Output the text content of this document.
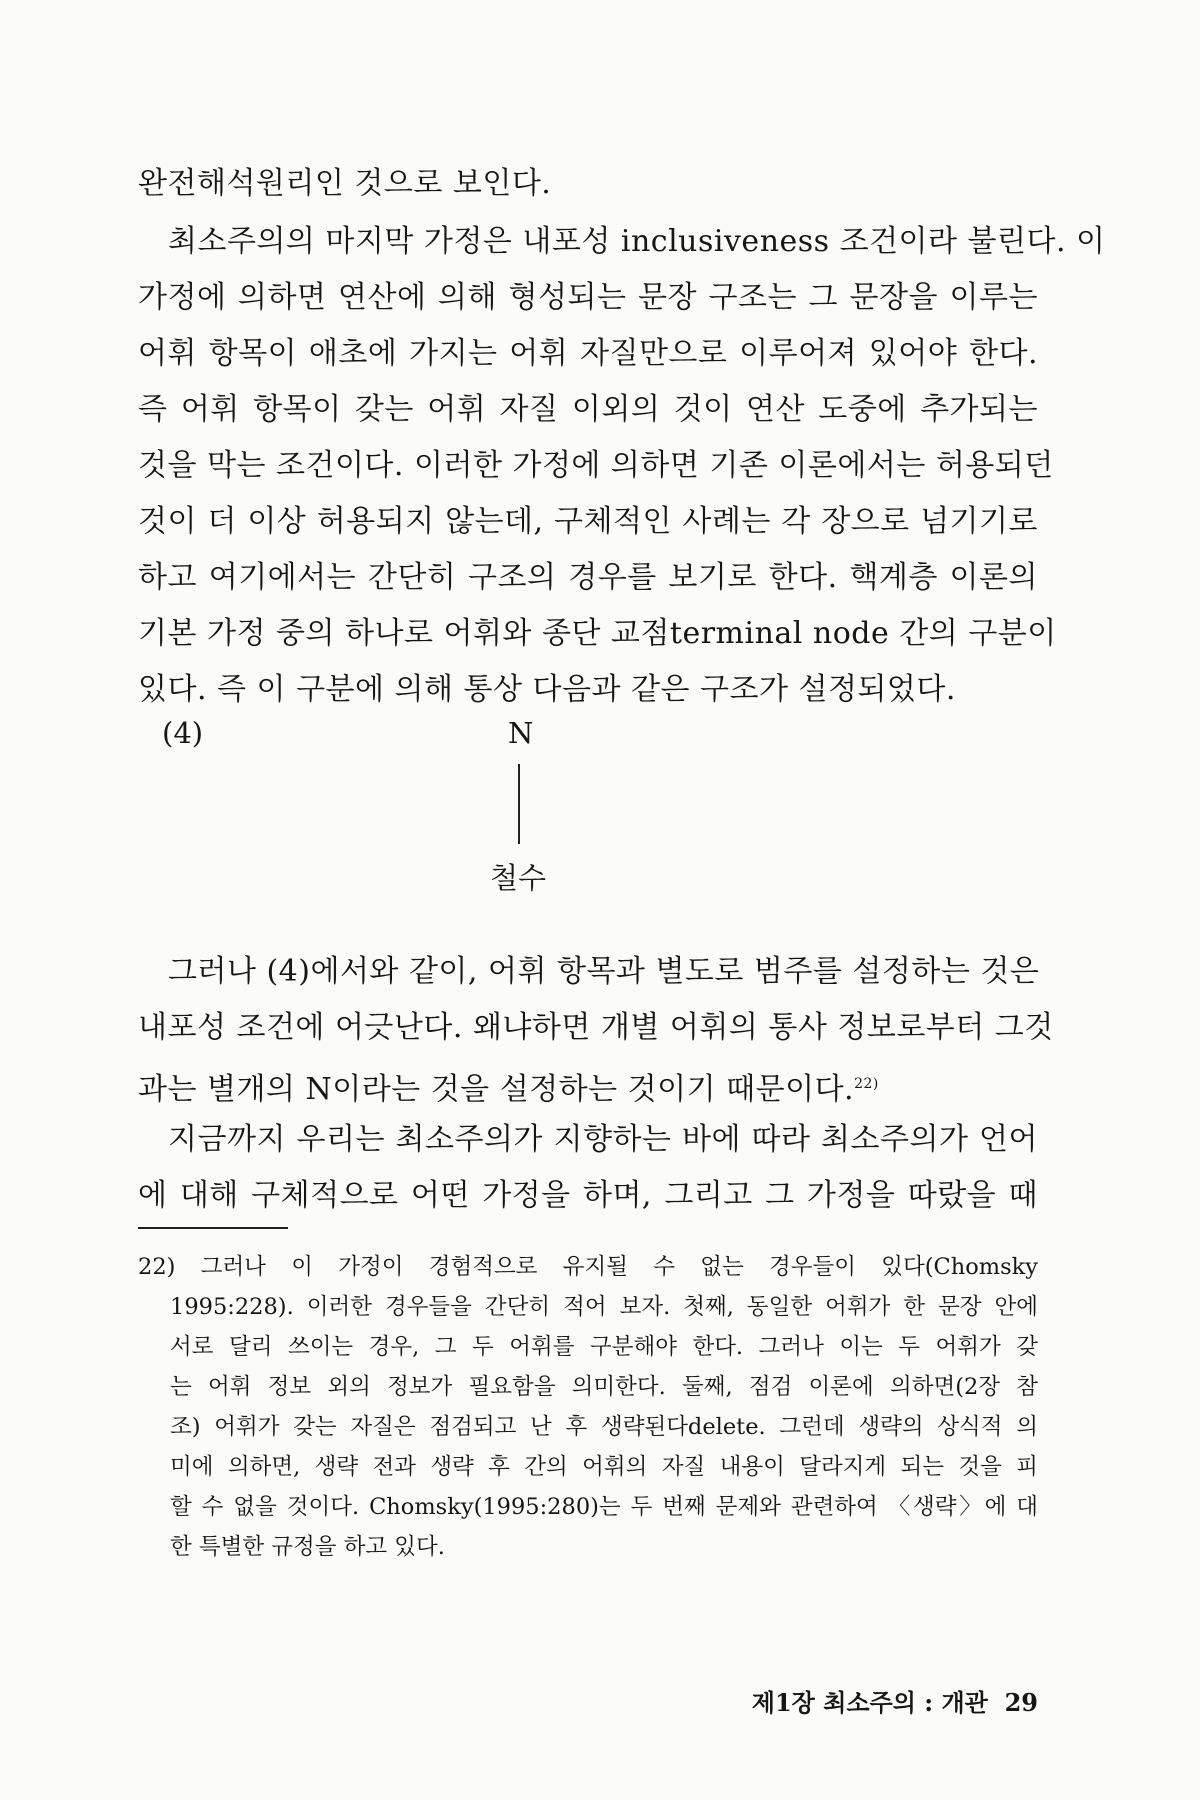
완전해석원리인 것으로 보인다.
최소주의의 마지막 가정은 내포성 inclusiveness 조건이라 불린다. 이
가정에 의하면 연산에 의해 형성되는 문장 구조는 그 문장을 이루는
어휘 항목이 애초에 가지는 어휘 자질만으로 이루어져 있어야 한다.
즉 어휘 항목이 갖는 어휘 자질 이외의 것이 연산 도중에 추가되는
것을 막는 조건이다. 이러한 가정에 의하면 기존 이론에서는 허용되던
것이 더 이상 허용되지 않는데, 구체적인 사례는 각 장으로 넘기기로
하고 여기에서는 간단히 구조의 경우를 보기로 한다. 핵계층 이론의
기본 가정 중의 하나로 어휘와 종단 교점terminal node 간의 구분이
있다. 즉 이 구분에 의해 통상 다음과 같은 구조가 설정되었다.
(4)	N
철수
그러나 (4)에서와 같이, 어휘 항목과 별도로 범주를 설정하는 것은
내포성 조건에 어긋난다. 왜냐하면 개별 어휘의 통사 정보로부터 그것
과는 별개의 N이라는 것을 설정하는 것이기 때문이다.$^{22)}$
지금까지 우리는 최소주의가 지향하는 바에 따라 최소주의가 언어
에 대해 구체적으로 어떤 가정을 하며, 그리고 그 가정을 따랐을 때
22) 그러나 이 가정이 경험적으로 유지될 수 없는 경우들이 있다(Chomsky
1995:228). 이러한 경우들을 간단히 적어 보자. 첫째, 동일한 어휘가 한 문장 안에
서로 달리 쓰이는 경우, 그 두 어휘를 구분해야 한다. 그러나 이는 두 어휘가 갖
는 어휘 정보 외의 정보가 필요함을 의미한다. 둘째, 점검 이론에 의하면(2장 참
조) 어휘가 갖는 자질은 점검되고 난 후 생략된다delete. 그런데 생략의 상식적 의
미에 의하면, 생략 전과 생략 후 간의 어휘의 자질 내용이 달라지게 되는 것을 피
할 수 없을 것이다. Chomsky(1995:280)는 두 번째 문제와 관련하여 〈생략〉에 대
한 특별한 규정을 하고 있다.
제1장 최소주의 : 개관 29
